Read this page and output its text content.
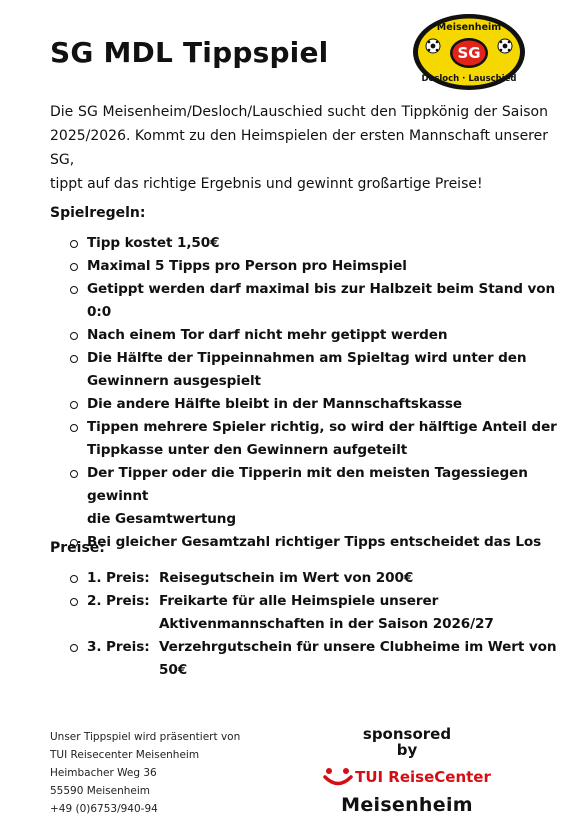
SG MDL Tippspiel	SG
Meisenheim
Desloch · Lauschied
Die SG Meisenheim/Desloch/Lauschied sucht den Tippkönig der Saison
2025/2026. Kommt zu den Heimspielen der ersten Mannschaft unserer SG,
tippt auf das richtige Ergebnis und gewinnt großartige Preise!
Spielregeln:
Tipp kostet 1,50€
Maximal 5 Tipps pro Person pro Heimspiel
Getippt werden darf maximal bis zur Halbzeit beim Stand von 0:0
Nach einem Tor darf nicht mehr getippt werden
Die Hälfte der Tippeinnahmen am Spieltag wird unter den
Gewinnern ausgespielt
Die andere Hälfte bleibt in der Mannschaftskasse
Tippen mehrere Spieler richtig, so wird der hälftige Anteil der
Tippkasse unter den Gewinnern aufgeteilt
Der Tipper oder die Tipperin mit den meisten Tagessiegen gewinnt
die Gesamtwertung
Bei gleicher Gesamtzahl richtiger Tipps entscheidet das Los
Preise:
1. Preis: Reisegutschein im Wert von 200€
2. Preis: Freikarte für alle Heimspiele unserer
Aktivenmannschaften in der Saison 2026/27
3. Preis: Verzehrgutschein für unsere Clubheime im Wert von 50€
Unser Tippspiel wird präsentiert von
TUI Reisecenter Meisenheim
Heimbacher Weg 36
55590 Meisenheim
+49 (0)6753/940-94
sponsored
by
TUI ReiseCenter
Meisenheim
